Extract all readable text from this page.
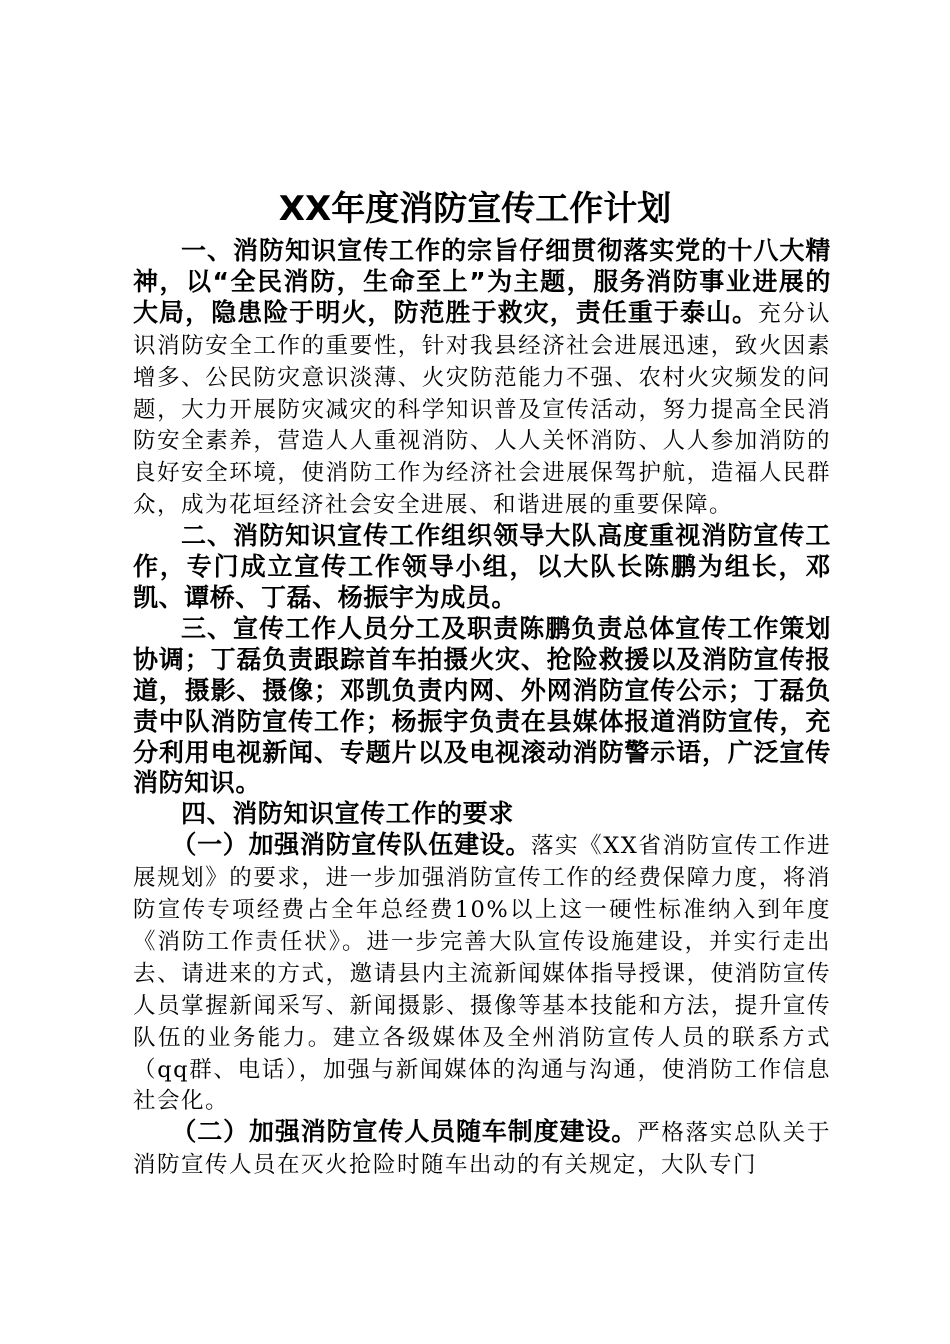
XX年度消防宣传工作计划

一、消防知识宣传工作的宗旨仔细贯彻落实党的十八大精神，以“全民消防，生命至上”为主题，服务消防事业进展的大局，隐患险于明火，防范胜于救灾，责任重于泰山。充分认识消防安全工作的重要性，针对我县经济社会进展迅速，致火因素增多、公民防灾意识淡薄、火灾防范能力不强、农村火灾频发的问题，大力开展防灾减灾的科学知识普及宣传活动，努力提高全民消防安全素养，营造人人重视消防、人人关怀消防、人人参加消防的良好安全环境，使消防工作为经济社会进展保驾护航，造福人民群众，成为花垣经济社会安全进展、和谐进展的重要保障。

二、消防知识宣传工作组织领导大队高度重视消防宣传工作，专门成立宣传工作领导小组，以大队长陈鹏为组长，邓凯、谭桥、丁磊、杨振宇为成员。

三、宣传工作人员分工及职责陈鹏负责总体宣传工作策划协调；丁磊负责跟踪首车拍摄火灾、抢险救援以及消防宣传报道，摄影、摄像；邓凯负责内网、外网消防宣传公示；丁磊负责中队消防宣传工作；杨振宇负责在县媒体报道消防宣传，充分利用电视新闻、专题片以及电视滚动消防警示语，广泛宣传消防知识。

四、消防知识宣传工作的要求

（一）加强消防宣传队伍建设。落实《XX省消防宣传工作进展规划》的要求，进一步加强消防宣传工作的经费保障力度，将消防宣传专项经费占全年总经费10%以上这一硬性标准纳入到年度《消防工作责任状》。进一步完善大队宣传设施建设，并实行走出去、请进来的方式，邀请县内主流新闻媒体指导授课，使消防宣传人员掌握新闻采写、新闻摄影、摄像等基本技能和方法，提升宣传队伍的业务能力。建立各级媒体及全州消防宣传人员的联系方式（qq群、电话），加强与新闻媒体的沟通与沟通，使消防工作信息社会化。

（二）加强消防宣传人员随车制度建设。严格落实总队关于消防宣传人员在灭火抢险时随车出动的有关规定，大队专门
